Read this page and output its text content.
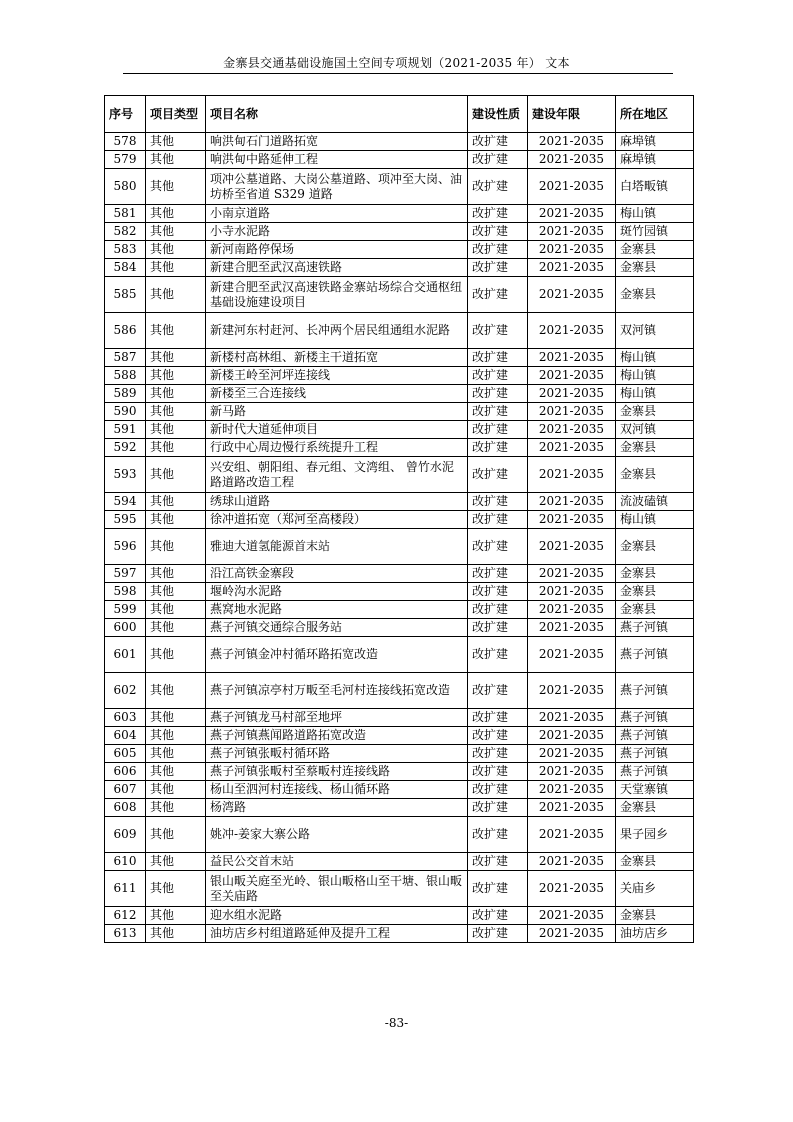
金寨县交通基础设施国土空间专项规划（2021-2035 年） 文本
序号	项目类型	项目名称	建设性质	建设年限	所在地区
578	其他	响洪甸石门道路拓宽	改扩建	2021-2035	麻埠镇
579	其他	响洪甸中路延伸工程	改扩建	2021-2035	麻埠镇
580	其他	项冲公墓道路、大岗公墓道路、项冲至大岗、油坊桥至省道 S329 道路	改扩建	2021-2035	白塔畈镇
581	其他	小南京道路	改扩建	2021-2035	梅山镇
582	其他	小寺水泥路	改扩建	2021-2035	斑竹园镇
583	其他	新河南路停保场	改扩建	2021-2035	金寨县
584	其他	新建合肥至武汉高速铁路	改扩建	2021-2035	金寨县
585	其他	新建合肥至武汉高速铁路金寨站场综合交通枢纽基础设施建设项目	改扩建	2021-2035	金寨县
586	其他	新建河东村赶河、长冲两个居民组通组水泥路	改扩建	2021-2035	双河镇
587	其他	新楼村高林组、新楼主干道拓宽	改扩建	2021-2035	梅山镇
588	其他	新楼王岭至河坪连接线	改扩建	2021-2035	梅山镇
589	其他	新楼至三合连接线	改扩建	2021-2035	梅山镇
590	其他	新马路	改扩建	2021-2035	金寨县
591	其他	新时代大道延伸项目	改扩建	2021-2035	双河镇
592	其他	行政中心周边慢行系统提升工程	改扩建	2021-2035	金寨县
593	其他	兴安组、朝阳组、春元组、文湾组、 曾竹水泥路道路改造工程	改扩建	2021-2035	金寨县
594	其他	绣球山道路	改扩建	2021-2035	流波磕镇
595	其他	徐冲道拓宽（郑河至高楼段）	改扩建	2021-2035	梅山镇
596	其他	雅迪大道氢能源首末站	改扩建	2021-2035	金寨县
597	其他	沿江高铁金寨段	改扩建	2021-2035	金寨县
598	其他	堰岭沟水泥路	改扩建	2021-2035	金寨县
599	其他	燕窝地水泥路	改扩建	2021-2035	金寨县
600	其他	燕子河镇交通综合服务站	改扩建	2021-2035	燕子河镇
601	其他	燕子河镇金冲村循环路拓宽改造	改扩建	2021-2035	燕子河镇
602	其他	燕子河镇凉亭村万畈至毛河村连接线拓宽改造	改扩建	2021-2035	燕子河镇
603	其他	燕子河镇龙马村部至地坪	改扩建	2021-2035	燕子河镇
604	其他	燕子河镇燕闻路道路拓宽改造	改扩建	2021-2035	燕子河镇
605	其他	燕子河镇张畈村循环路	改扩建	2021-2035	燕子河镇
606	其他	燕子河镇张畈村至蔡畈村连接线路	改扩建	2021-2035	燕子河镇
607	其他	杨山至泗河村连接线、杨山循环路	改扩建	2021-2035	天堂寨镇
608	其他	杨湾路	改扩建	2021-2035	金寨县
609	其他	姚冲-姜家大寨公路	改扩建	2021-2035	果子园乡
610	其他	益民公交首末站	改扩建	2021-2035	金寨县
611	其他	银山畈关庭至光岭、银山畈格山至干塘、银山畈至关庙路	改扩建	2021-2035	关庙乡
612	其他	迎水组水泥路	改扩建	2021-2035	金寨县
613	其他	油坊店乡村组道路延伸及提升工程	改扩建	2021-2035	油坊店乡
-83-
